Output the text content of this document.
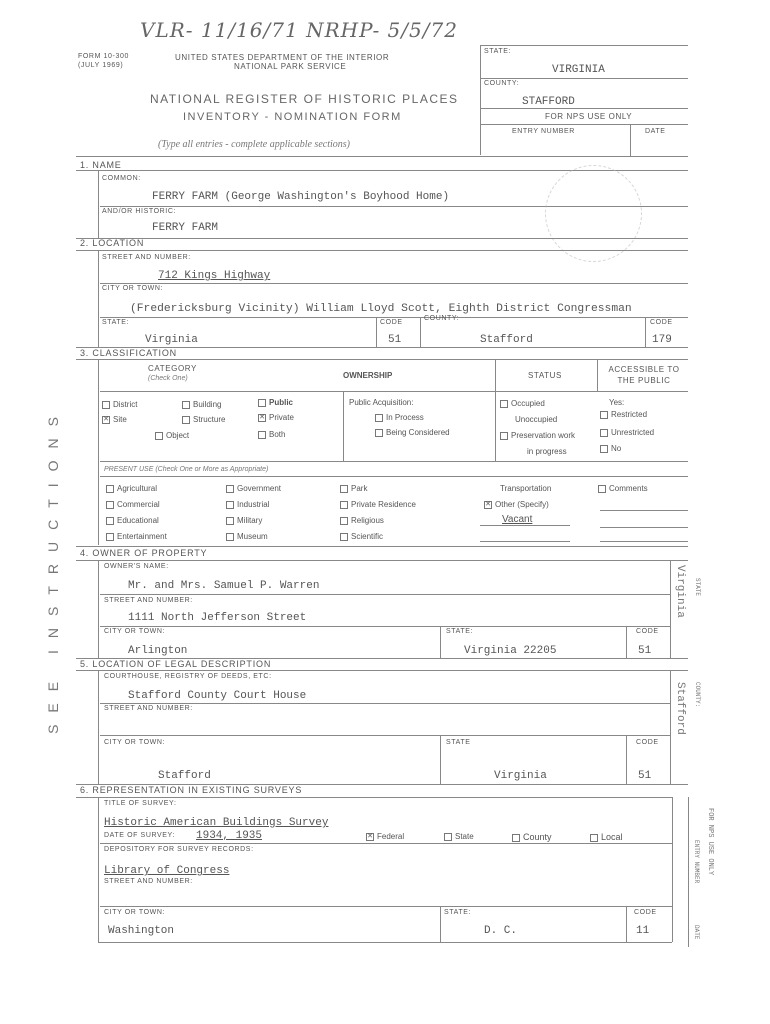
VLR- 11/16/71 NRHP- 5/5/72
FORM 10-300
(JULY 1969)
UNITED STATES DEPARTMENT OF THE INTERIOR
NATIONAL PARK SERVICE
NATIONAL REGISTER OF HISTORIC PLACES
INVENTORY - NOMINATION FORM
(Type all entries - complete applicable sections)
STATE:
VIRGINIA
COUNTY:
STAFFORD
FOR NPS USE ONLY
ENTRY NUMBER	DATE
1. NAME
COMMON:
FERRY FARM (George Washington's Boyhood Home)
AND/OR HISTORIC:
FERRY FARM
2. LOCATION
STREET AND NUMBER:
712 Kings Highway
CITY OR TOWN:
(Fredericksburg Vicinity) William Lloyd Scott, Eighth District Congressman
STATE:	CODE
COUNTY:
CODE
Virginia	51	Stafford	179
3. CLASSIFICATION
CATEGORY
(Check One)	OWNERSHIP	STATUS
ACCESSIBLE TO THE PUBLIC
District	Building
✕ Site	Structure
Object
Public
✕ Private
Both
Public Acquisition:
In Process
Being Considered
Occupied
Unoccupied
Preservation work
in progress
Yes:
Restricted
Unrestricted
No
PRESENT USE (Check One or More as Appropriate)
Agricultural
Commercial
Educational
Entertainment
Government
Industrial
Military
Museum
Park
Private Residence
Religious
Scientific
Transportation
✕ Other (Specify)
Vacant
Comments
4. OWNER OF PROPERTY
OWNER'S NAME:
Mr. and Mrs. Samuel P. Warren
STREET AND NUMBER:
1111 North Jefferson Street
CITY OR TOWN:	STATE:	CODE
Arlington	Virginia 22205	51
Virginia STATE
5. LOCATION OF LEGAL DESCRIPTION
COURTHOUSE, REGISTRY OF DEEDS, ETC:
Stafford County Court House
STREET AND NUMBER:
CITY OR TOWN:	STATE	CODE
Stafford	Virginia	51
Stafford COUNTY:
6. REPRESENTATION IN EXISTING SURVEYS
TITLE OF SURVEY:
Historic American Buildings Survey
DATE OF SURVEY: 1934, 1935	✕ Federal	State	County	Local
DEPOSITORY FOR SURVEY RECORDS:
Library of Congress
STREET AND NUMBER:
CITY OR TOWN:	STATE:	CODE
Washington	D. C.	11
FOR NPS USE ONLY
ENTRY NUMBER
DATE
SEE INSTRUCTIONS
